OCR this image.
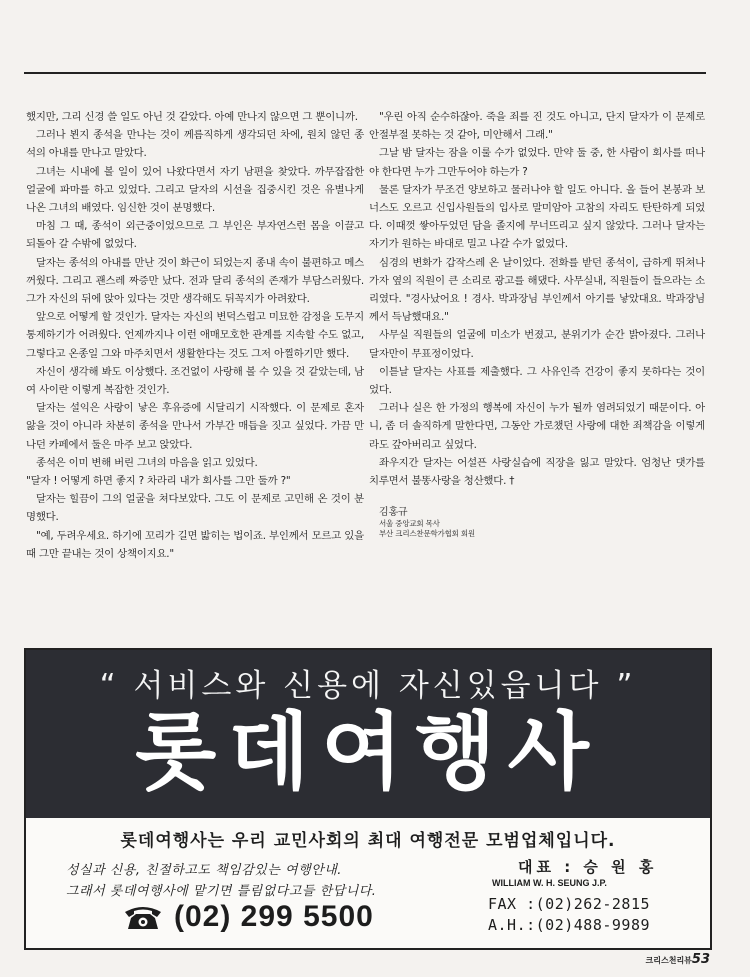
했지만, 그리 신경 쓸 일도 아닌 것 같았다. 아예 만나지 않으면 그 뿐이니까.

그러나 뵌지 종석을 만나는 것이 께름직하게 생각되던 차에, 원치 않던 종석의 아내를 만나고 말았다.

그녀는 시내에 볼 일이 있어 나왔다면서 자기 남편을 찾았다. 까무잡잡한 얼굴에 파마를 하고 있었다. 그리고 달자의 시선을 집중시킨 것은 유별나게 나온 그녀의 배였다. 임신한 것이 분명했다.

마침 그 때, 종석이 외근중이었으므로 그 부인은 부자연스런 몸을 이끌고 되돌아 갈 수밖에 없었다.

달자는 종석의 아내를 만난 것이 화근이 되었는지 종내 속이 불편하고 메스꺼웠다. 그리고 괜스레 짜증만 났다. 전과 달리 종석의 존재가 부담스러웠다. 그가 자신의 뒤에 앉아 있다는 것만 생각해도 뒤꼭지가 아려왔다.

앞으로 어떻게 할 것인가. 달자는 자신의 변덕스럽고 미묘한 감정을 도무지 통제하기가 어려웠다. 언제까지나 이런 애매모호한 관계를 지속할 수도 없고, 그렇다고 온종일 그와 마주치면서 생활한다는 것도 그저 아찔하기만 했다.

자신이 생각해 봐도 이상했다. 조건없이 사랑해 볼 수 있을 것 같았는데, 남여 사이란 이렇게 복잡한 것인가.

달자는 설익은 사랑이 낳은 후유증에 시달리기 시작했다. 이 문제로 혼자 앓을 것이 아니라 차분히 종석을 만나서 가부간 매듭을 짓고 싶었다. 가끔 만나던 카페에서 둘은 마주 보고 앉았다.

종석은 이미 변해 버린 그녀의 마음을 읽고 있었다.

"달자 ! 어떻게 하면 좋지 ? 차라리 내가 회사를 그만 둘까 ?"

달자는 힐끔이 그의 얼굴을 쳐다보았다. 그도 이 문제로 고민해 온 것이 분명했다.

"예, 두려우세요. 하기에 꼬리가 길면 밟히는 법이죠. 부인께서 모르고 있을 때 그만 끝내는 것이 상책이지요."

"우린 아직 순수하잖아. 죽을 죄를 진 것도 아니고, 단지 달자가 이 문제로 안절부절 못하는 것 같아, 미안해서 그래."

그날 밤 달자는 잠을 이룰 수가 없었다. 만약 둘 중, 한 사람이 회사를 떠나야 한다면 누가 그만두어야 하는가 ?

물론 달자가 무조건 양보하고 물러나야 할 일도 아니다. 올 들어 본봉과 보너스도 오르고 신입사원들의 입사로 말미암아 고참의 자리도 탄탄하게 되었다. 이때껏 쌓아두었던 담을 졸지에 무너뜨리고 싶지 않았다. 그러나 달자는 자기가 원하는 바대로 밀고 나갈 수가 없었다.

심경의 변화가 갑작스레 온 날이었다. 전화를 받던 종석이, 급하게 뛰쳐나가자 옆의 직원이 큰 소리로 광고를 해댔다. 사무실내, 직원들이 들으라는 소리였다. "경사났어요 ! 경사. 박과장님 부인께서 아기를 낳았대요. 박과장님께서 득남했대요."

사무실 직원들의 얼굴에 미소가 번졌고, 분위기가 순간 밝아졌다. 그러나 달자만이 무표정이었다.

이튿날 달자는 사표를 제출했다. 그 사유인즉 건강이 좋지 못하다는 것이었다.

그러나 실은 한 가정의 행복에 자신이 누가 될까 염려되었기 때문이다. 아니, 좀 더 솔직하게 말한다면, 그동안 가로챘던 사랑에 대한 죄책감을 이렇게라도 갚아버리고 싶었다.

좌우지간 달자는 어설픈 사랑실습에 직장을 잃고 말았다. 엄청난 댓가를 치루면서 불똥사랑을 청산했다. †

김홍규

서울 중앙교회 목사

부산 크리스찬문학가협회 회원

“ 서비스와 신용에 자신있읍니다 ”
롯데여행사
롯데여행사는 우리 교민사회의 최대 여행전문 모범업체입니다.
성실과 신용, 친절하고도 책임감있는 여행안내.
그래서 롯데여행사에 맡기면 틀림없다고들 한답니다.
대표 : 승 원 홍
WILLIAM W. H. SEUNG J.P.
(02) 299 5500	FAX :(02)262-2815
A.H.:(02)488-9989
크리스천리뷰53
